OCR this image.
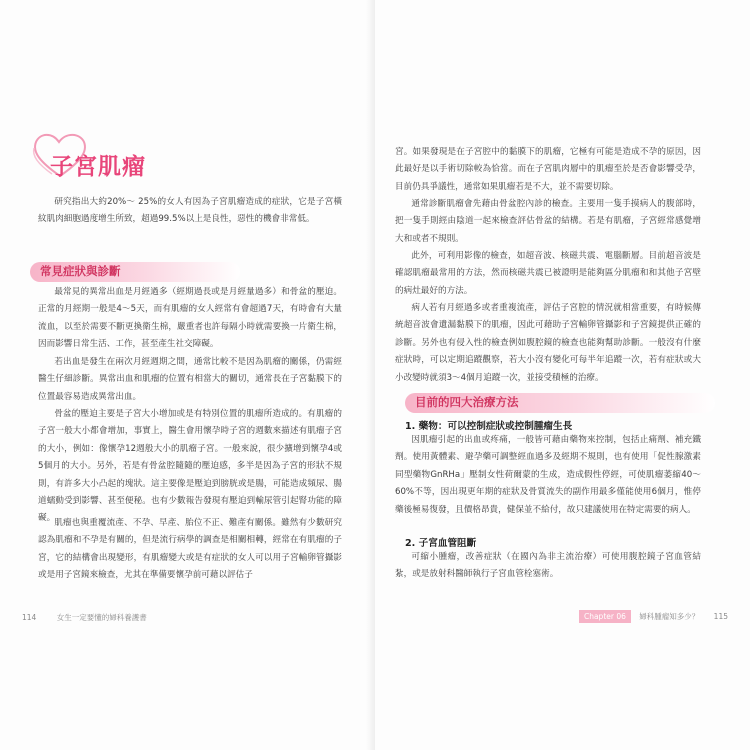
子宮肌瘤

研究指出大約20%～ 25%的女人有因為子宮肌瘤造成的症狀，它是子宮橫紋肌肉細胞過度增生所致，超過99.5%以上是良性，惡性的機會非常低。

常見症狀與診斷

最常見的異常出血是月經過多（經期過長或是月經量過多）和骨盆的壓迫。正常的月經期一般是4～5天，而有肌瘤的女人經常有會超過7天，有時會有大量流血，以至於需要不斷更換衛生棉，嚴重者也許每隔小時就需要換一片衛生棉，因而影響日常生活、工作，甚至產生社交障礙。

若出血是發生在兩次月經週期之間，通常比較不是因為肌瘤的關係，仍需經醫生仔細診斷。異常出血和肌瘤的位置有相當大的關切，通常長在子宮黏膜下的位置最容易造成異常出血。

骨盆的壓迫主要是子宮大小增加或是有特別位置的肌瘤所造成的。有肌瘤的子宮一般大小都會增加，事實上，醫生會用懷孕時子宮的週數來描述有肌瘤子宮的大小，例如：像懷孕12週般大小的肌瘤子宮。一般來說，很少擴增到懷孕4或5個月的大小。另外，若是有骨盆腔隨隨的壓迫感，多半是因為子宮的形狀不規則，有許多大小凸起的塊狀。這主要像是壓迫到膀胱或是腸，可能造成頻尿、腸道蠕動受到影響、甚至便秘。也有少數報告發現有壓迫到輸尿管引起腎功能的障礙。 肌瘤也與重覆流產、不孕、早產、胎位不正、難產有關係。雖然有少數研究認為肌瘤和不孕是有關的，但是流行病學的調查是相關相轉，經常在有肌瘤的子宮，它的結構會出現變形，有肌瘤變大或是有症狀的女人可以用子宮輸卵管攝影或是用子宮鏡來檢查，尤其在準備要懷孕前可藉以評估子

114	女生一定要懂的婦科養護書

宮。如果發現是在子宮腔中的黏膜下的肌瘤，它極有可能是造成不孕的原因，因此最好是以手術切除較為恰當。而在子宮肌肉層中的肌瘤至於是否會影響受孕，目前仍具爭議性，通常如果肌瘤若是不大，並不需要切除。

通常診斷肌瘤會先藉由骨盆腔內診的檢查。主要用一隻手摸病人的腹部時，把一隻手則經由陰道一起來檢查評估骨盆的結構。若是有肌瘤，子宮經常感覺增大和或者不規則。

此外，可利用影像的檢查，如超音波、核磁共震、電腦斷層。目前超音波是確認肌瘤最常用的方法，然而核磁共震已被證明是能夠區分肌瘤和和其他子宮壁的病灶最好的方法。

病人若有月經過多或者重複流產，評估子宮腔的情況就相當重要，有時候傳統超音波會遺漏黏膜下的肌瘤，因此可藉助子宮輸卵管攝影和子宮鏡提供正確的診斷。另外也有侵入性的檢查例如腹腔鏡的檢查也能夠幫助診斷。一般沒有什麼症狀時，可以定期追蹤觀察，若大小沒有變化可每半年追蹤一次，若有症狀或大小改變時就須3～4個月追蹤一次，並接受積極的治療。

目前的四大治療方法

1. 藥物：可以控制症狀或控制腫瘤生長

因肌瘤引起的出血或疼痛，一般皆可藉由藥物來控制，包括止痛劑、補充鐵劑。使用黃體素、避孕藥可調整經血過多及經期不規則，也有使用「促性腺激素同型藥物GnRHa」壓制女性荷爾蒙的生成，造成假性停經，可使肌瘤萎縮40～60%不等，因出現更年期的症狀及骨質流失的副作用最多僅能使用6個月，惟停藥後極易復發，且價格昂貴，健保並不給付，故只建議使用在特定需要的病人。

2. 子宮血管阻斷

可縮小腫瘤，改善症狀（在國內為非主流治療）可使用腹腔鏡子宮血管結紮，或是放射科醫師執行子宮血管栓塞術。

Chapter 06 婦科腫瘤知多少？ 115
